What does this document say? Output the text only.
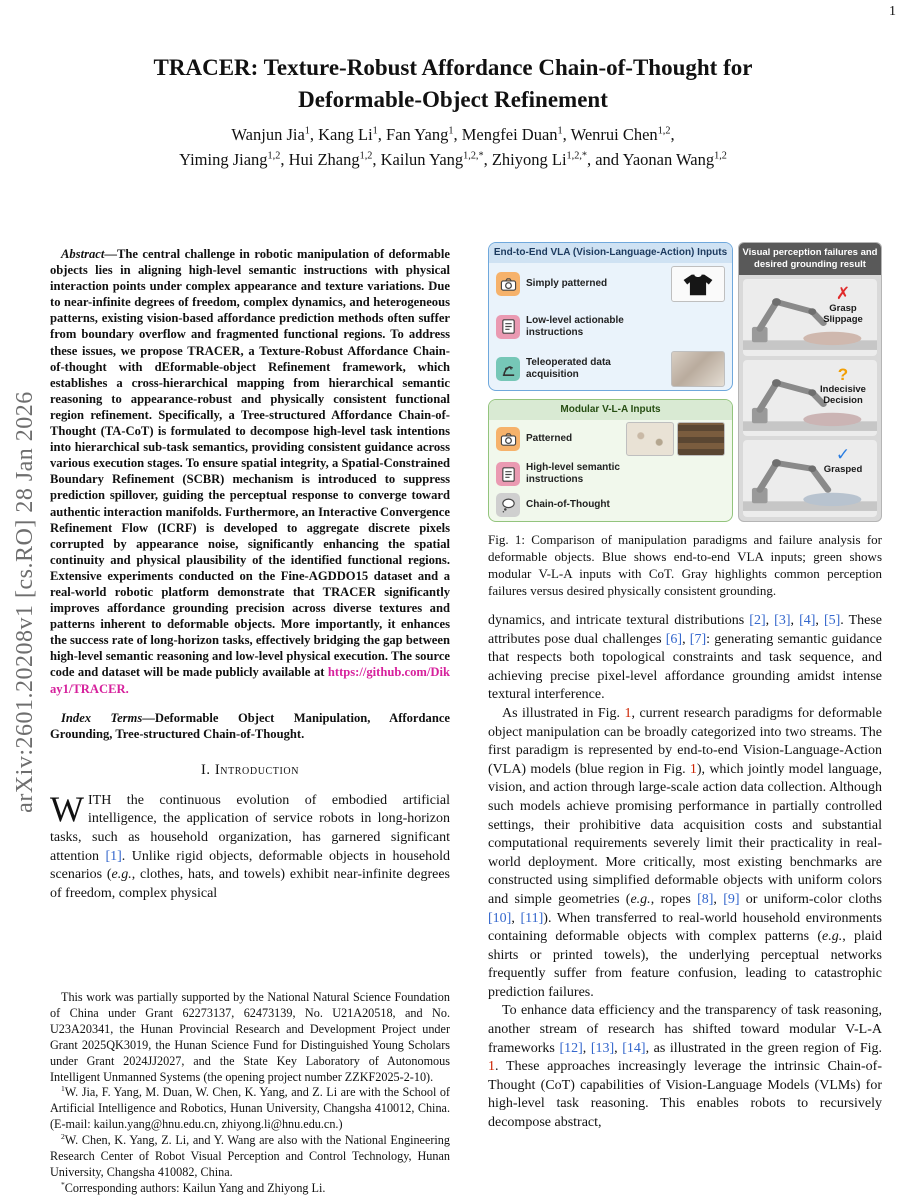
1
arXiv:2601.20208v1 [cs.RO] 28 Jan 2026
TRACER: Texture-Robust Affordance Chain-of-Thought for
Deformable-Object Refinement
Wanjun Jia$^1$, Kang Li$^1$, Fan Yang$^1$, Mengfei Duan$^1$, Wenrui Chen$^{1,2}$,
Yiming Jiang$^{1,2}$, Hui Zhang$^{1,2}$, Kailun Yang$^{1,2,*}$, Zhiyong $Li^{1,2,*}$, and Yaonan Wang$^{1,2}$

Abstract—The central challenge in robotic manipulation of deformable objects lies in aligning high-level semantic instructions with physical interaction points under complex appearance and texture variations. Due to near-infinite degrees of freedom, complex dynamics, and heterogeneous patterns, existing vision-based affordance prediction methods often suffer from boundary overflow and fragmented functional regions. To address these issues, we propose TRACER, a Texture-Robust Affordance Chain-of-thought with dEformable-object Refinement framework, which establishes a cross-hierarchical mapping from hierarchical semantic reasoning to appearance-robust and physically consistent functional region refinement. Specifically, a Tree-structured Affordance Chain-of-Thought (TA-CoT) is formulated to decompose high-level task intentions into hierarchical sub-task semantics, providing consistent guidance across various execution stages. To ensure spatial integrity, a Spatial-Constrained Boundary Refinement (SCBR) mechanism is introduced to suppress prediction spillover, guiding the perceptual response to converge toward authentic interaction manifolds. Furthermore, an Interactive Convergence Refinement Flow (ICRF) is developed to aggregate discrete pixels corrupted by appearance noise, significantly enhancing the spatial continuity and physical plausibility of the identified functional regions. Extensive experiments conducted on the Fine-AGDDO15 dataset and a real-world robotic platform demonstrate that TRACER significantly improves affordance grounding precision across diverse textures and patterns inherent to deformable objects. More importantly, it enhances the success rate of long-horizon tasks, effectively bridging the gap between high-level semantic reasoning and low-level physical execution. The source code and dataset will be made publicly available at https://github.com/Dikay1/TRACER.

Index Terms—Deformable Object Manipulation, Affordance Grounding, Tree-structured Chain-of-Thought.

I. Introduction

WITH the continuous evolution of embodied artificial intelligence, the application of service robots in long-horizon tasks, such as household organization, has garnered significant attention [1]. Unlike rigid objects, deformable objects in household scenarios (e.g., clothes, hats, and towels) exhibit near-infinite degrees of freedom, complex physical

This work was partially supported by the National Natural Science Foundation of China under Grant 62273137, 62473139, No. U21A20518, and No. U23A20341, the Hunan Provincial Research and Development Project under Grant 2025QK3019, the Hunan Science Fund for Distinguished Young Scholars under Grant 2024JJ2027, and the State Key Laboratory of Autonomous Intelligent Unmanned Systems (the opening project number ZZKF2025-2-10).

$^1$W. Jia, F. Yang, M. Duan, W. Chen, K. Yang, and Z. Li are with the School of Artificial Intelligence and Robotics, Hunan University, Changsha 410012, China. (E-mail: kailun.yang@hnu.edu.cn, zhiyong.li@hnu.edu.cn.)

$^2$W. Chen, K. Yang, Z. Li, and Y. Wang are also with the National Engineering Research Center of Robot Visual Perception and Control Technology, Hunan University, Changsha 410082, China.

*Corresponding authors: Kailun Yang and Zhiyong Li.

End-to-End VLA (Vision-Language-Action) Inputs
Simply patterned
Low-level actionable instructions
Teleoperated data acquisition
Modular V-L-A Inputs
Patterned
High-level semantic instructions
Chain-of-Thought
Visual perception failures and desired grounding result
✗
Grasp Slippage
?
Indecisive Decision
✓
Grasped
Fig. 1: Comparison of manipulation paradigms and failure analysis for deformable objects. Blue shows end-to-end VLA inputs; green shows modular V-L-A inputs with CoT. Gray highlights common perception failures versus desired physically consistent grounding.

dynamics, and intricate textural distributions [2], [3], [4], [5]. These attributes pose dual challenges [6], [7]: generating semantic guidance that respects both topological constraints and task sequence, and achieving precise pixel-level affordance grounding amidst intense textural interference.

As illustrated in Fig. 1, current research paradigms for deformable object manipulation can be broadly categorized into two streams. The first paradigm is represented by end-to-end Vision-Language-Action (VLA) models (blue region in Fig. 1), which jointly model language, vision, and action through large-scale action data collection. Although such models achieve promising performance in partially controlled settings, their prohibitive data acquisition costs and substantial computational requirements severely limit their practicality in real-world deployment. More critically, most existing benchmarks are constructed using simplified deformable objects with uniform colors and simple geometries (e.g., ropes [8], [9] or uniform-color cloths [10], [11]). When transferred to real-world household environments containing deformable objects with complex patterns (e.g., plaid shirts or printed towels), the underlying perceptual networks frequently suffer from feature confusion, leading to catastrophic prediction failures.

To enhance data efficiency and the transparency of task reasoning, another stream of research has shifted toward modular V-L-A frameworks [12], [13], [14], as illustrated in the green region of Fig. 1. These approaches increasingly leverage the intrinsic Chain-of-Thought (CoT) capabilities of Vision-Language Models (VLMs) for high-level task reasoning. This enables robots to recursively decompose abstract,
